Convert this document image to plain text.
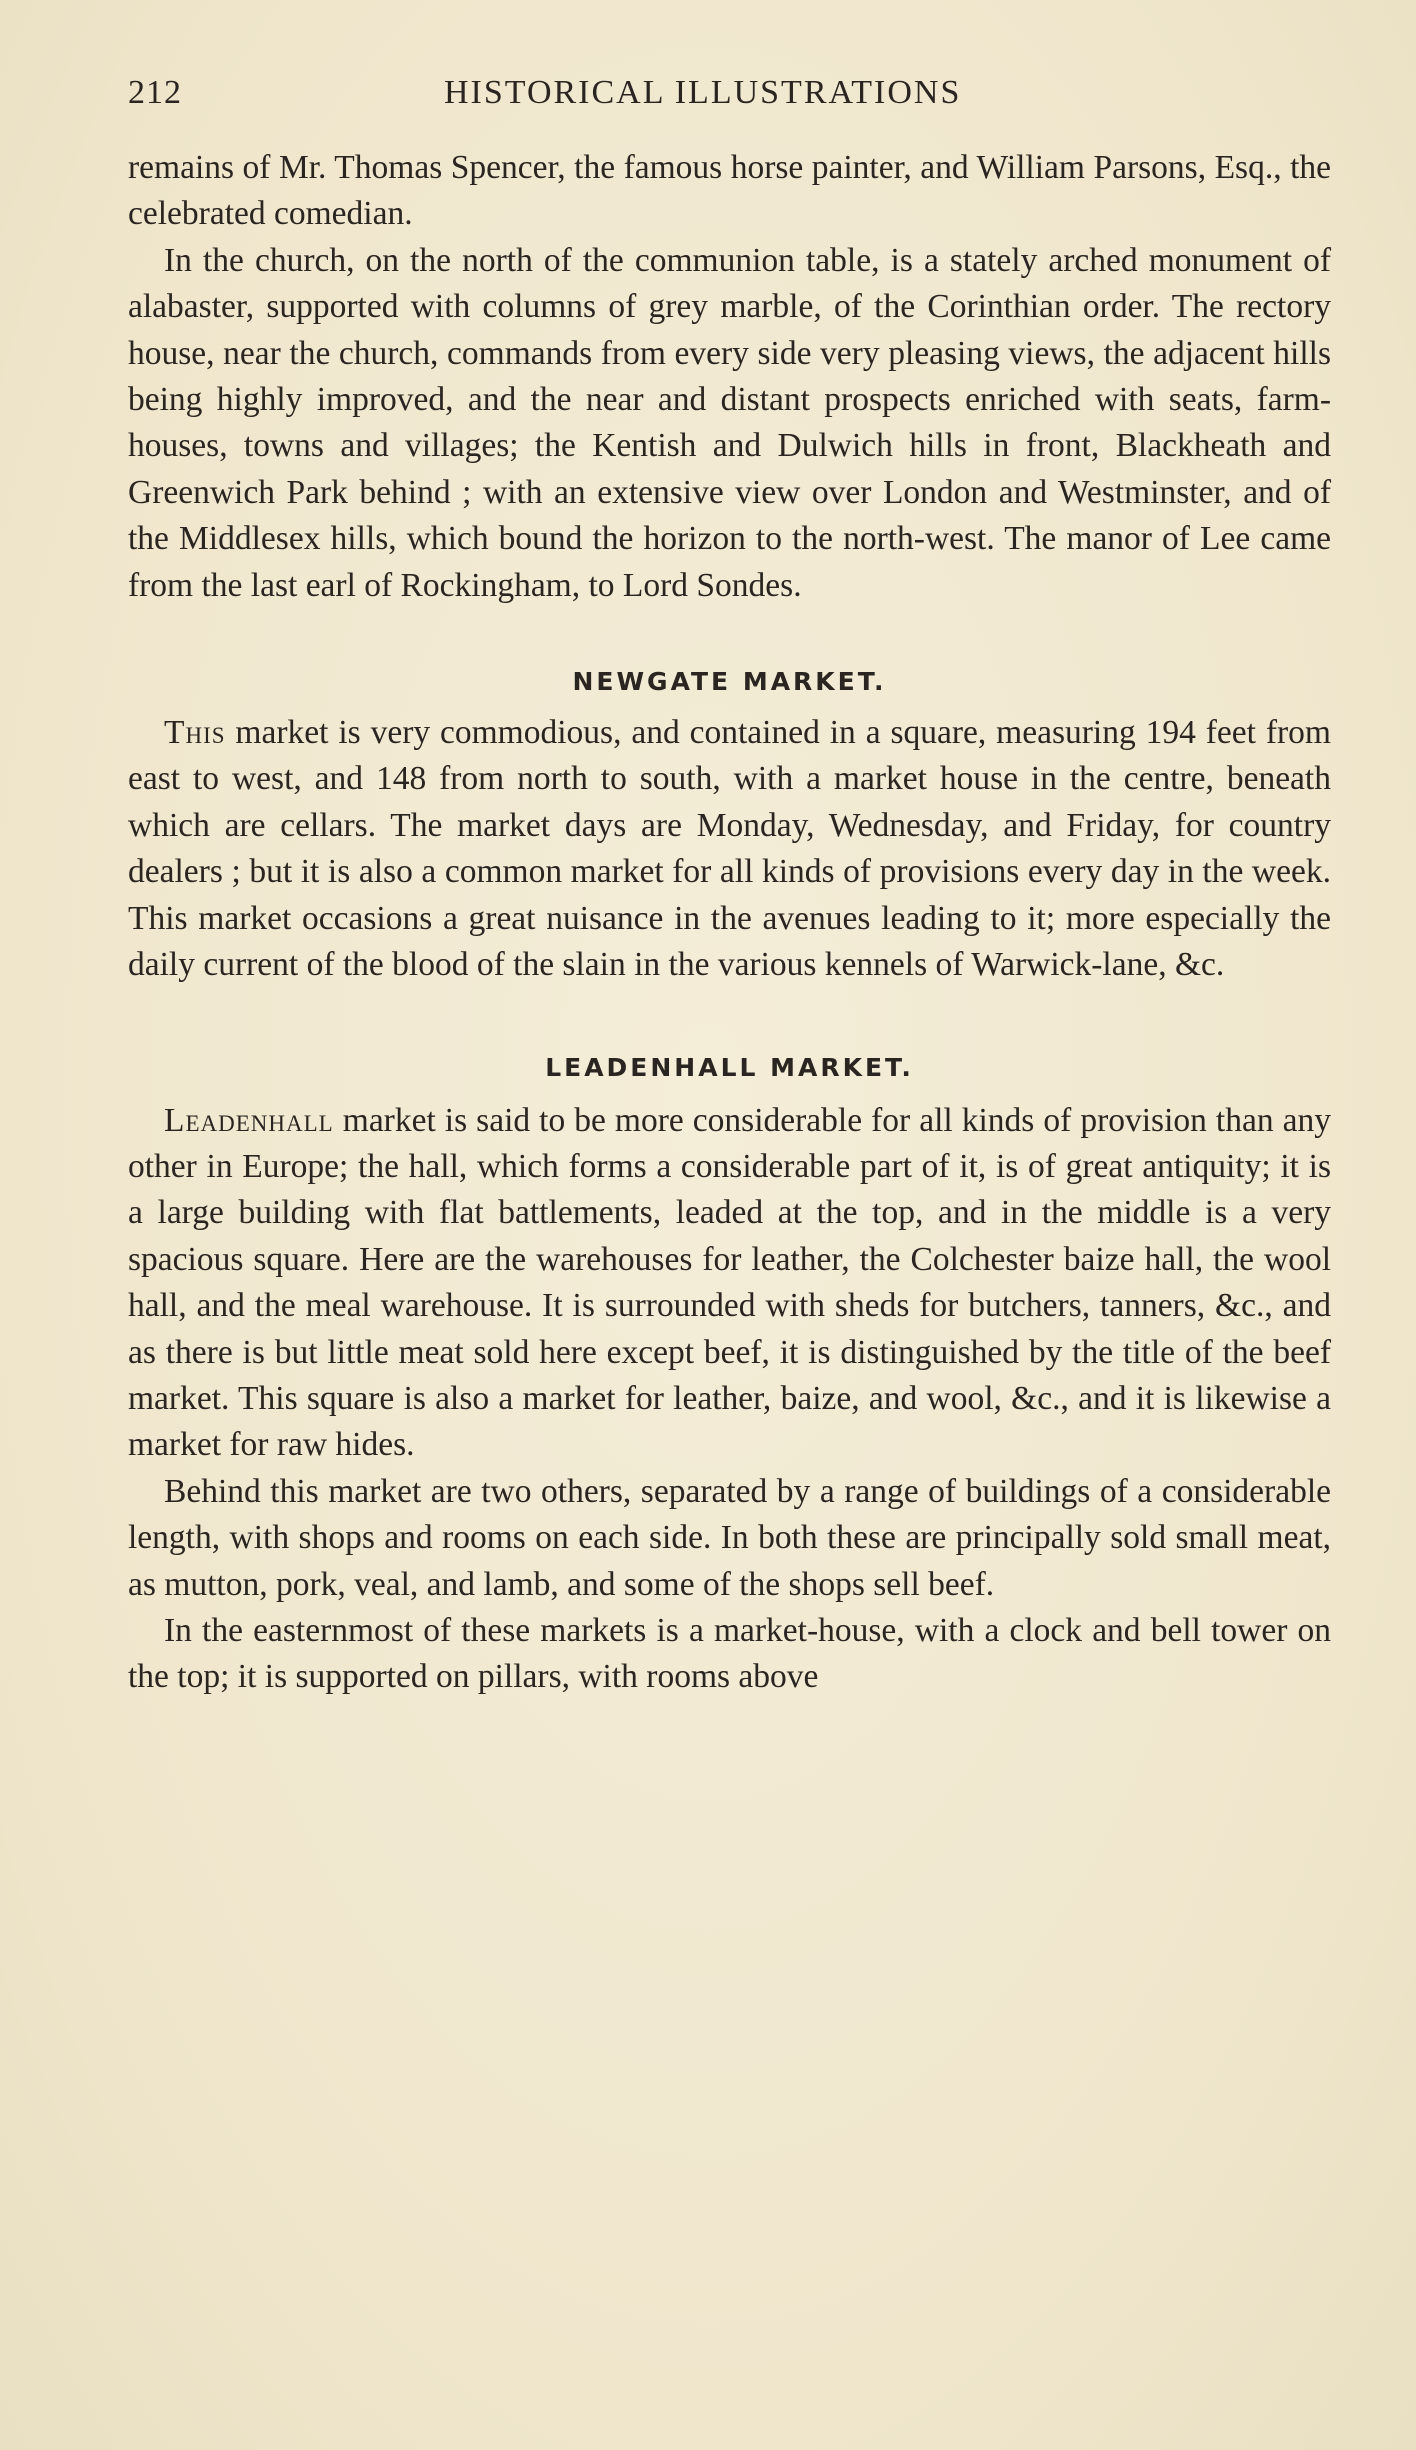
212	HISTORICAL ILLUSTRATIONS

remains of Mr. Thomas Spencer, the famous horse painter, and William Parsons, Esq., the celebrated comedian.

In the church, on the north of the communion table, is a stately arched monument of alabaster, supported with columns of grey marble, of the Corinthian order. The rectory house, near the church, commands from every side very pleasing views, the adjacent hills being highly improved, and the near and distant prospects enriched with seats, farm-houses, towns and villages; the Kentish and Dulwich hills in front, Blackheath and Greenwich Park behind ; with an extensive view over London and Westminster, and of the Middlesex hills, which bound the horizon to the north-west. The manor of Lee came from the last earl of Rockingham, to Lord Sondes.

NEWGATE MARKET.

This market is very commodious, and contained in a square, measuring 194 feet from east to west, and 148 from north to south, with a market house in the centre, beneath which are cellars. The market days are Monday, Wednesday, and Friday, for country dealers ; but it is also a common market for all kinds of provisions every day in the week. This market occasions a great nuisance in the avenues leading to it; more especially the daily current of the blood of the slain in the various kennels of Warwick-lane, &c.

LEADENHALL MARKET.

Leadenhall market is said to be more considerable for all kinds of provision than any other in Europe; the hall, which forms a considerable part of it, is of great antiquity; it is a large building with flat battlements, leaded at the top, and in the middle is a very spacious square. Here are the warehouses for leather, the Colchester baize hall, the wool hall, and the meal warehouse. It is surrounded with sheds for butchers, tanners, &c., and as there is but little meat sold here except beef, it is distinguished by the title of the beef market. This square is also a market for leather, baize, and wool, &c., and it is likewise a market for raw hides.

Behind this market are two others, separated by a range of buildings of a considerable length, with shops and rooms on each side. In both these are principally sold small meat, as mutton, pork, veal, and lamb, and some of the shops sell beef.

In the easternmost of these markets is a market-house, with a clock and bell tower on the top; it is supported on pillars, with rooms above
